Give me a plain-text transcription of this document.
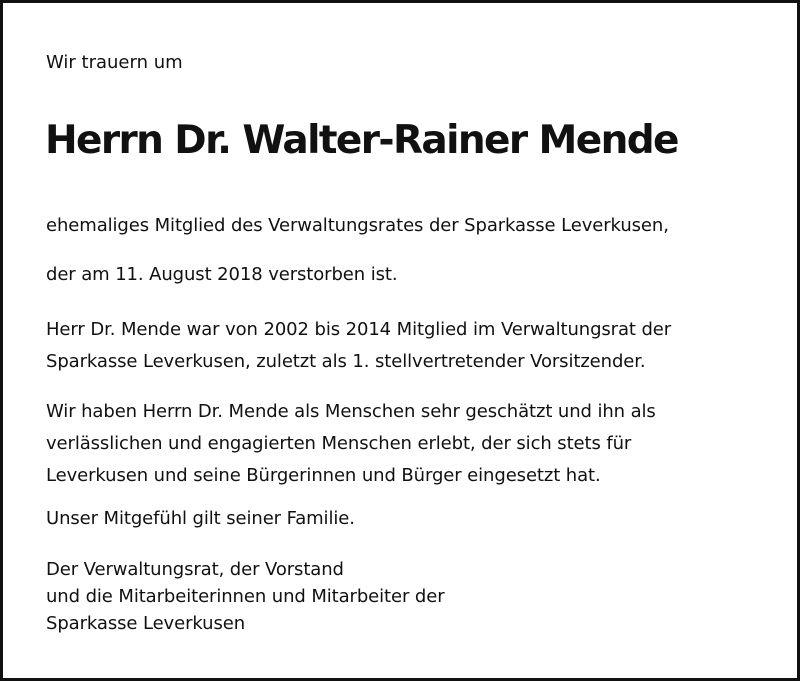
Wir trauern um

Herrn Dr. Walter-Rainer Mende

ehemaliges Mitglied des Verwaltungsrates der Sparkasse Leverkusen,

der am 11. August 2018 verstorben ist.

Herr Dr. Mende war von 2002 bis 2014 Mitglied im Verwaltungsrat der
Sparkasse Leverkusen, zuletzt als 1. stellvertretender Vorsitzender.

Wir haben Herrn Dr. Mende als Menschen sehr geschätzt und ihn als
verlässlichen und engagierten Menschen erlebt, der sich stets für
Leverkusen und seine Bürgerinnen und Bürger eingesetzt hat.

Unser Mitgefühl gilt seiner Familie.

Der Verwaltungsrat, der Vorstand
und die Mitarbeiterinnen und Mitarbeiter der
Sparkasse Leverkusen
